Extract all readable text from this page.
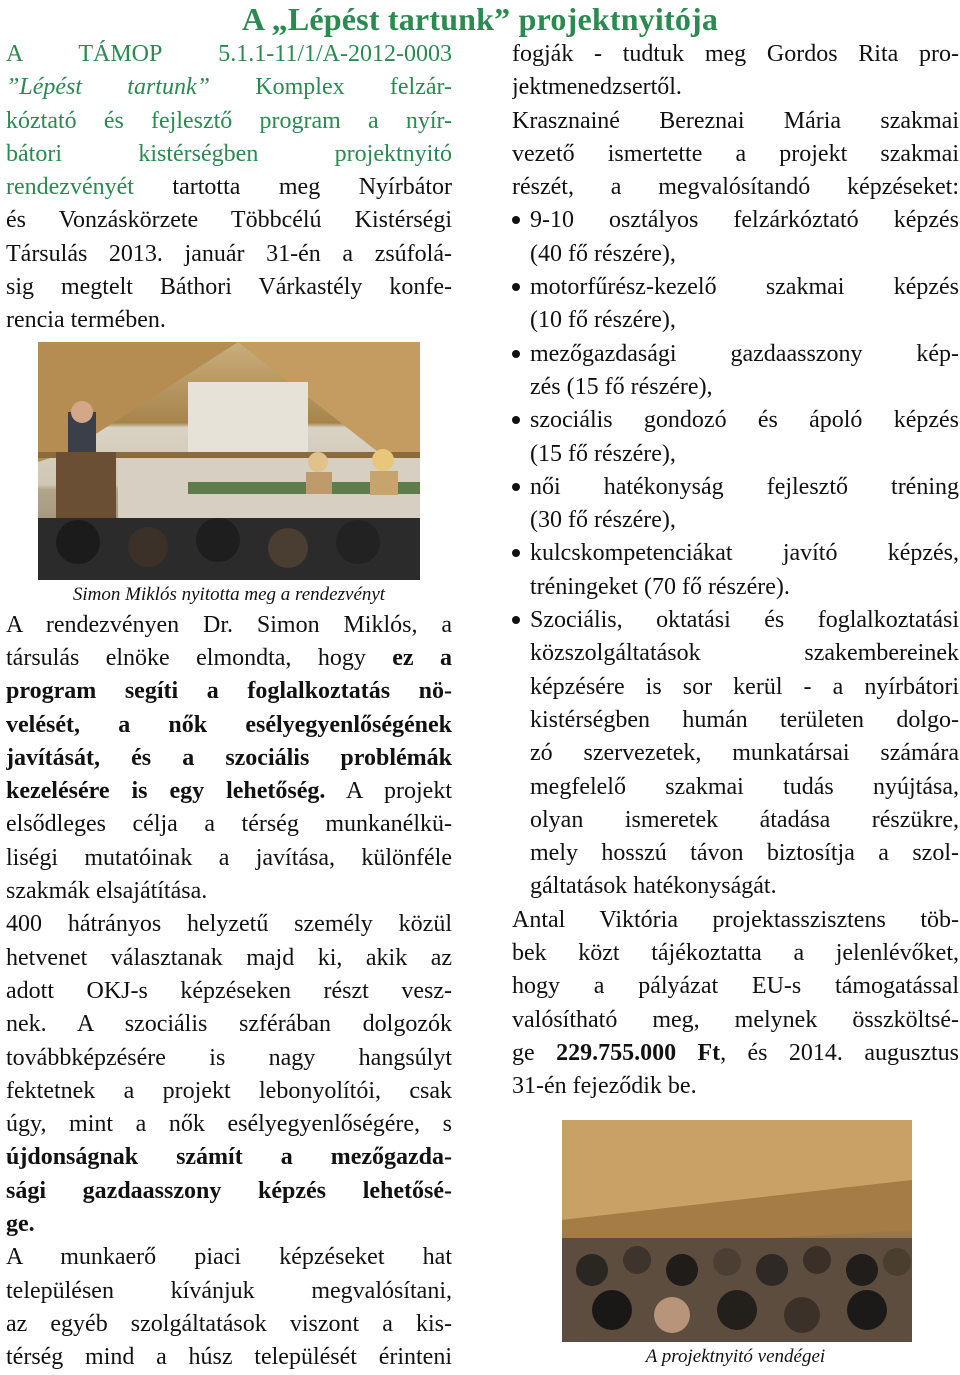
A „Lépést tartunk” projektnyitója
A TÁMOP 5.1.1-11/1/A-2012-0003
”Lépést tartunk” Komplex felzár-
kóztató és fejlesztő program a nyír-
bátori kistérségben projektnyitó
rendezvényét tartotta meg Nyírbátor
és Vonzáskörzete Többcélú Kistérségi
Társulás 2013. január 31-én a zsúfolá-
sig megtelt Báthori Várkastély konfe-
rencia termében.
Simon Miklós nyitotta meg a rendezvényt
A rendezvényen Dr. Simon Miklós, a
társulás elnöke elmondta, hogy ez a
program segíti a foglalkoztatás nö-
velését, a nők esélyegyenlőségének
javítását, és a szociális problémák
kezelésére is egy lehetőség. A projekt
elsődleges célja a térség munkanélkü-
liségi mutatóinak a javítása, különféle
szakmák elsajátítása.
400 hátrányos helyzetű személy közül
hetvenet választanak majd ki, akik az
adott OKJ-s képzéseken részt vesz-
nek. A szociális szférában dolgozók
továbbképzésére is nagy hangsúlyt
fektetnek a projekt lebonyolítói, csak
úgy, mint a nők esélyegyenlőségére, s
újdonságnak számít a mezőgazda-
sági gazdaasszony képzés lehetősé-
ge.
A munkaerő piaci képzéseket hat
településen kívánjuk megvalósítani,
az egyéb szolgáltatások viszont a kis-
térség mind a húsz települését érinteni
fogják - tudtuk meg Gordos Rita pro-
jektmenedzsertől.
Krasznainé Bereznai Mária szakmai
vezető ismertette a projekt szakmai
részét, a megvalósítandó képzéseket:
9-10 osztályos felzárkóztató képzés
(40 fő részére),
motorfűrész-kezelő szakmai képzés
(10 fő részére),
mezőgazdasági gazdaasszony kép-
zés (15 fő részére),
szociális gondozó és ápoló képzés
(15 fő részére),
női hatékonyság fejlesztő tréning
(30 fő részére),
kulcskompetenciákat javító képzés,
tréningeket (70 fő részére).
Szociális, oktatási és foglalkoztatási
közszolgáltatások szakembereinek
képzésére is sor kerül - a nyírbátori
kistérségben humán területen dolgo-
zó szervezetek, munkatársai számára
megfelelő szakmai tudás nyújtása,
olyan ismeretek átadása részükre,
mely hosszú távon biztosítja a szol-
gáltatások hatékonyságát.
Antal Viktória projektasszisztens töb-
bek közt tájékoztatta a jelenlévőket,
hogy a pályázat EU-s támogatással
valósítható meg, melynek összköltsé-
ge 229.755.000 Ft, és 2014. augusztus
31-én fejeződik be.
A projektnyitó vendégei
